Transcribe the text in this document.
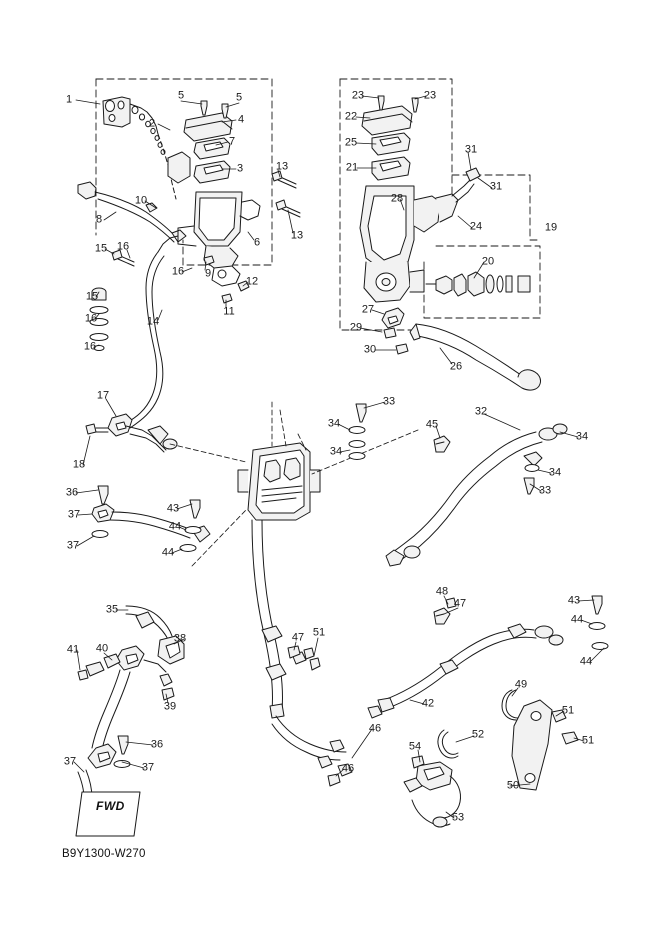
FWD
B9Y1300-W270
1	5	5
2	4
7
3	13
10
8
6
13
15 16
16 9
12
15
11
16	14
16
23	23
22
25
21
31
31
28
24	19
20
27
29
30
26
17
18
33
34
34
45
32
34
34
33
36
37	43
44
37
44
35
48
47	43
44
38	47 51
44
41 40
39	42
49
51
52	51
54
46
46
36
37
37
50
53
